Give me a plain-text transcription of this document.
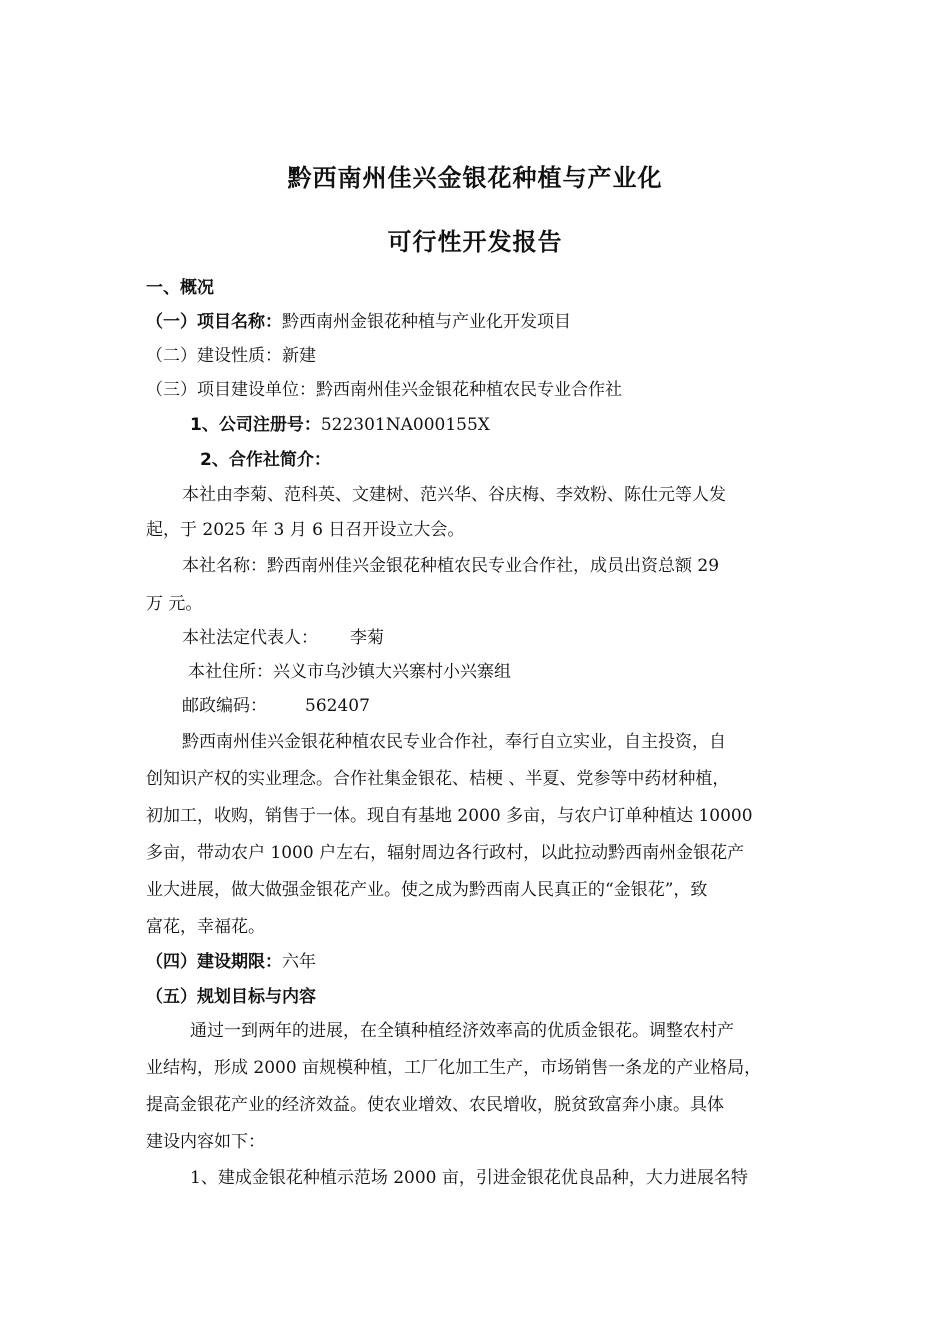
黔西南州佳兴金银花种植与产业化
可行性开发报告
一、概况
（一）项目名称：黔西南州金银花种植与产业化开发项目
（二）建设性质：新建
（三）项目建设单位：黔西南州佳兴金银花种植农民专业合作社
1、公司注册号：522301NA000155X
2、合作社简介：
本社由李菊、范科英、文建树、范兴华、谷庆梅、李效粉、陈仕元等人发
起，于 2025 年 3 月 6 日召开设立大会。
本社名称：黔西南州佳兴金银花种植农民专业合作社，成员出资总额 29
万 元。
本社法定代表人： 李菊
本社住所：兴义市乌沙镇大兴寨村小兴寨组
邮政编码： 562407
黔西南州佳兴金银花种植农民专业合作社，奉行自立实业，自主投资，自
创知识产权的实业理念。合作社集金银花、桔梗 、半夏、党参等中药材种植，
初加工，收购，销售于一体。现自有基地 2000 多亩，与农户订单种植达 10000
多亩，带动农户 1000 户左右，辐射周边各行政村，以此拉动黔西南州金银花产
业大进展，做大做强金银花产业。使之成为黔西南人民真正的“金银花”，致
富花，幸福花。
（四）建设期限：六年
（五）规划目标与内容
通过一到两年的进展，在全镇种植经济效率高的优质金银花。调整农村产
业结构，形成 2000 亩规模种植，工厂化加工生产，市场销售一条龙的产业格局，
提高金银花产业的经济效益。使农业增效、农民增收，脱贫致富奔小康。具体
建设内容如下：
1、建成金银花种植示范场 2000 亩，引进金银花优良品种，大力进展名特
